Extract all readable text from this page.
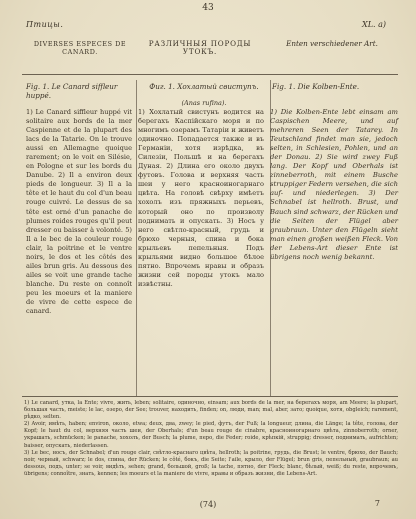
43
Птицы.	XL. a)
DIVERSES ESPECES DE CANARD.
РАЗЛИЧНЫЯ ПОРОДЫ УТОКЪ.
Enten verschiedener Art.
Fig. 1. Le Canard siffleur huppé.
Фиг. 1. Хохлатый свиступъ.
(Anas rufina).
Fig. 1. Die Kolben-Ente.
1) Le Canard siffleur huppé vit solitaire aux bords de la mer Caspienne et de la plupart des lacs de la Tatarie. On le trouve aussi en Allemagne quoique rarement; on le voit en Silésie, en Pologne et sur les bords du Danube. 2) Il a environ deux pieds de longueur. 3) Il a la tête et le haut du col d'un beau rouge cuivré. Le dessus de sa tête est orné d'un panache de plumes roides rouges qu'il peut dresser ou baisser à volonté. 5) Il a le bec de la couleur rouge clair, la poitrine et le ventre noirs, le dos et les côtés des ailes brun gris. Au dessous des ailes se voit une grande tache blanche. Du reste on connoît peu les moeurs et la maniere de vivre de cette espece de canard.
1) Хохлатый свистунъ водится на берегахъ Каспійскаго моря и по многимъ озерамъ Татаріи и живетъ одиночно. Попадается также и въ Германіи, хотя изрѣдка, въ Силезіи, Польшѣ и на берегахъ Дуная. 2) Длина его около двухъ футовъ. Голова и верхняя часть шеи у него красноиногарнаго цвѣта. На головѣ свѣрху имѣетъ хохолъ изъ пряжныхъ перьевъ, который оно по произволу поднимать и опускать. 3) Носъ у него свѣтло-красный, грудь и брюхо черныя, спина и бока крыльевъ пепельныя. Подъ крыльями видно большое бѣлое пятно. Впрочемъ нравы и образъ жизни сей породы утокъ мало извѣстны.
1) Die Kolben-Ente lebt einsam am Caspischen Meere, und auf mehreren Seen der Tatarey. In Teutschland findet man sie, jedoch selten, in Schlesien, Pohlen, und an der Donau. 2) Sie wird zwey Fuß lang. Der Kopf und Oberhals ist zinneberroth, mit einem Busche struppiger Federn versehen, die sich auf- und niederlegen. 3) Der Schnabel ist hellroth. Brust, und Bauch sind schwarz, der Rücken und die Seiten der Flügel aber graubraun. Unter den Flügeln sieht man einen großen weißen Fleck. Von der Lebens-Art dieser Ente ist übrigens noch wenig bekannt.

1) Le canard, утка, lа Ente; vivre, жить, leben; solitaire, одиночно, einsam; aux bords de la mer, на берегахъ моря, am Meere; la plupart, большая часть, meiste; le lac, озеро, der See; trouver, находить, finden; on, люди, man; mal, aber, зато; quoique, хотя, obgleich; rarement, рѣдко, selten.

2) Avoir, имѣть, haben; environ, около, etwa; deux, два, zwey; le pied, футъ, der Fuß; la longueur, длина, die Länge; la tête, голова, der Kopf; le haut du col, верхняя часть шеи, der Oberhals; d'un beau rouge de cinabre, красноиногарнаго цвѣта, zinnoberroth; orner, украшать, schmücken; le panache, хохолъ, der Busch; la plume, перо, die Feder; roide, крѣпкій, struppig; dresser, поднимать, aufrichten; baisser, опускать, niederlassen.

3) Le bec, носъ, der Schnabel; d'un rouge clair, свѣтло-краснаго цвѣта, hellroth; la poitrine, грудь, die Brust; le ventre, брюхо, der Bauch; noir, черный, schwarz; le dos, спина, der Rücken; le côté, бокъ, die Seite; l'aile, крыло, der Flügel; brun gris, пепельный, graubraun; au dessous, подъ, unter; se voir, видѣть, sehen; grand, большой, groß; la tache, пятно, der Fleck; blanc, бѣлый, weiß; du reste, впрочемъ, übrigens; connoître, знать, kennen; les moeurs et la maniere de vivre, нравы и образъ жизни, die Lebens-Art.

(74)	7
